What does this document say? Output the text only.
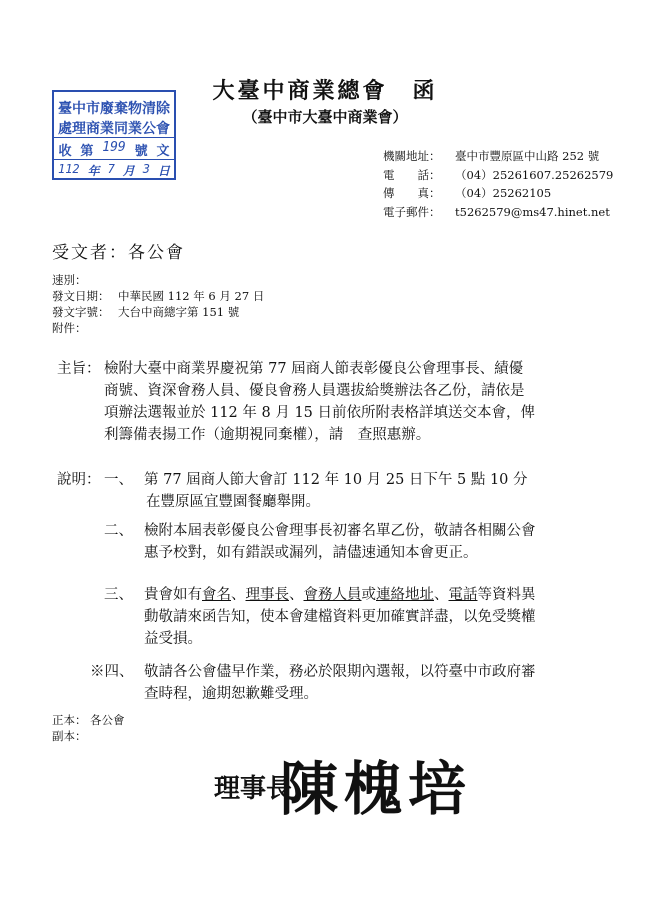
臺中市廢棄物清除
處理商業同業公會
收 第 199 號 文
112 年 7 月 3 日
大臺中商業總會　函
（臺中市大臺中商業會）
機關地址： 臺中市豐原區中山路 252 號
電　　話： （04）25261607.25262579
傳　　真： （04）25262105
電子郵件： t5262579@ms47.hinet.net
受文者：各公會
速別：
發文日期： 中華民國 112 年 6 月 27 日
發文字號： 大台中商總字第 151 號
附件：
主旨： 檢附大臺中商業界慶祝第 77 屆商人節表彰優良公會理事長、績優
商號、資深會務人員、優良會務人員選拔給獎辦法各乙份，請依是
項辦法選報並於 112 年 8 月 15 日前依所附表格詳填送交本會，俾
利籌備表揚工作（逾期視同棄權），請　查照惠辦。
說明： 一、 第 77 屆商人節大會訂 112 年 10 月 25 日下午 5 點 10 分
在豐原區宜豐園餐廳舉開。
二、 檢附本屆表彰優良公會理事長初審名單乙份，敬請各相關公會
惠予校對，如有錯誤或漏列，請儘速通知本會更正。
三、 貴會如有會名、理事長、會務人員或連絡地址、電話等資料異
動敬請來函告知，使本會建檔資料更加確實詳盡，以免受獎權
益受損。
※四、 敬請各公會儘早作業，務必於限期內選報，以符臺中市政府審
查時程，逾期恕歉難受理。
正本： 各公會
副本：
理事長
陳槐培
